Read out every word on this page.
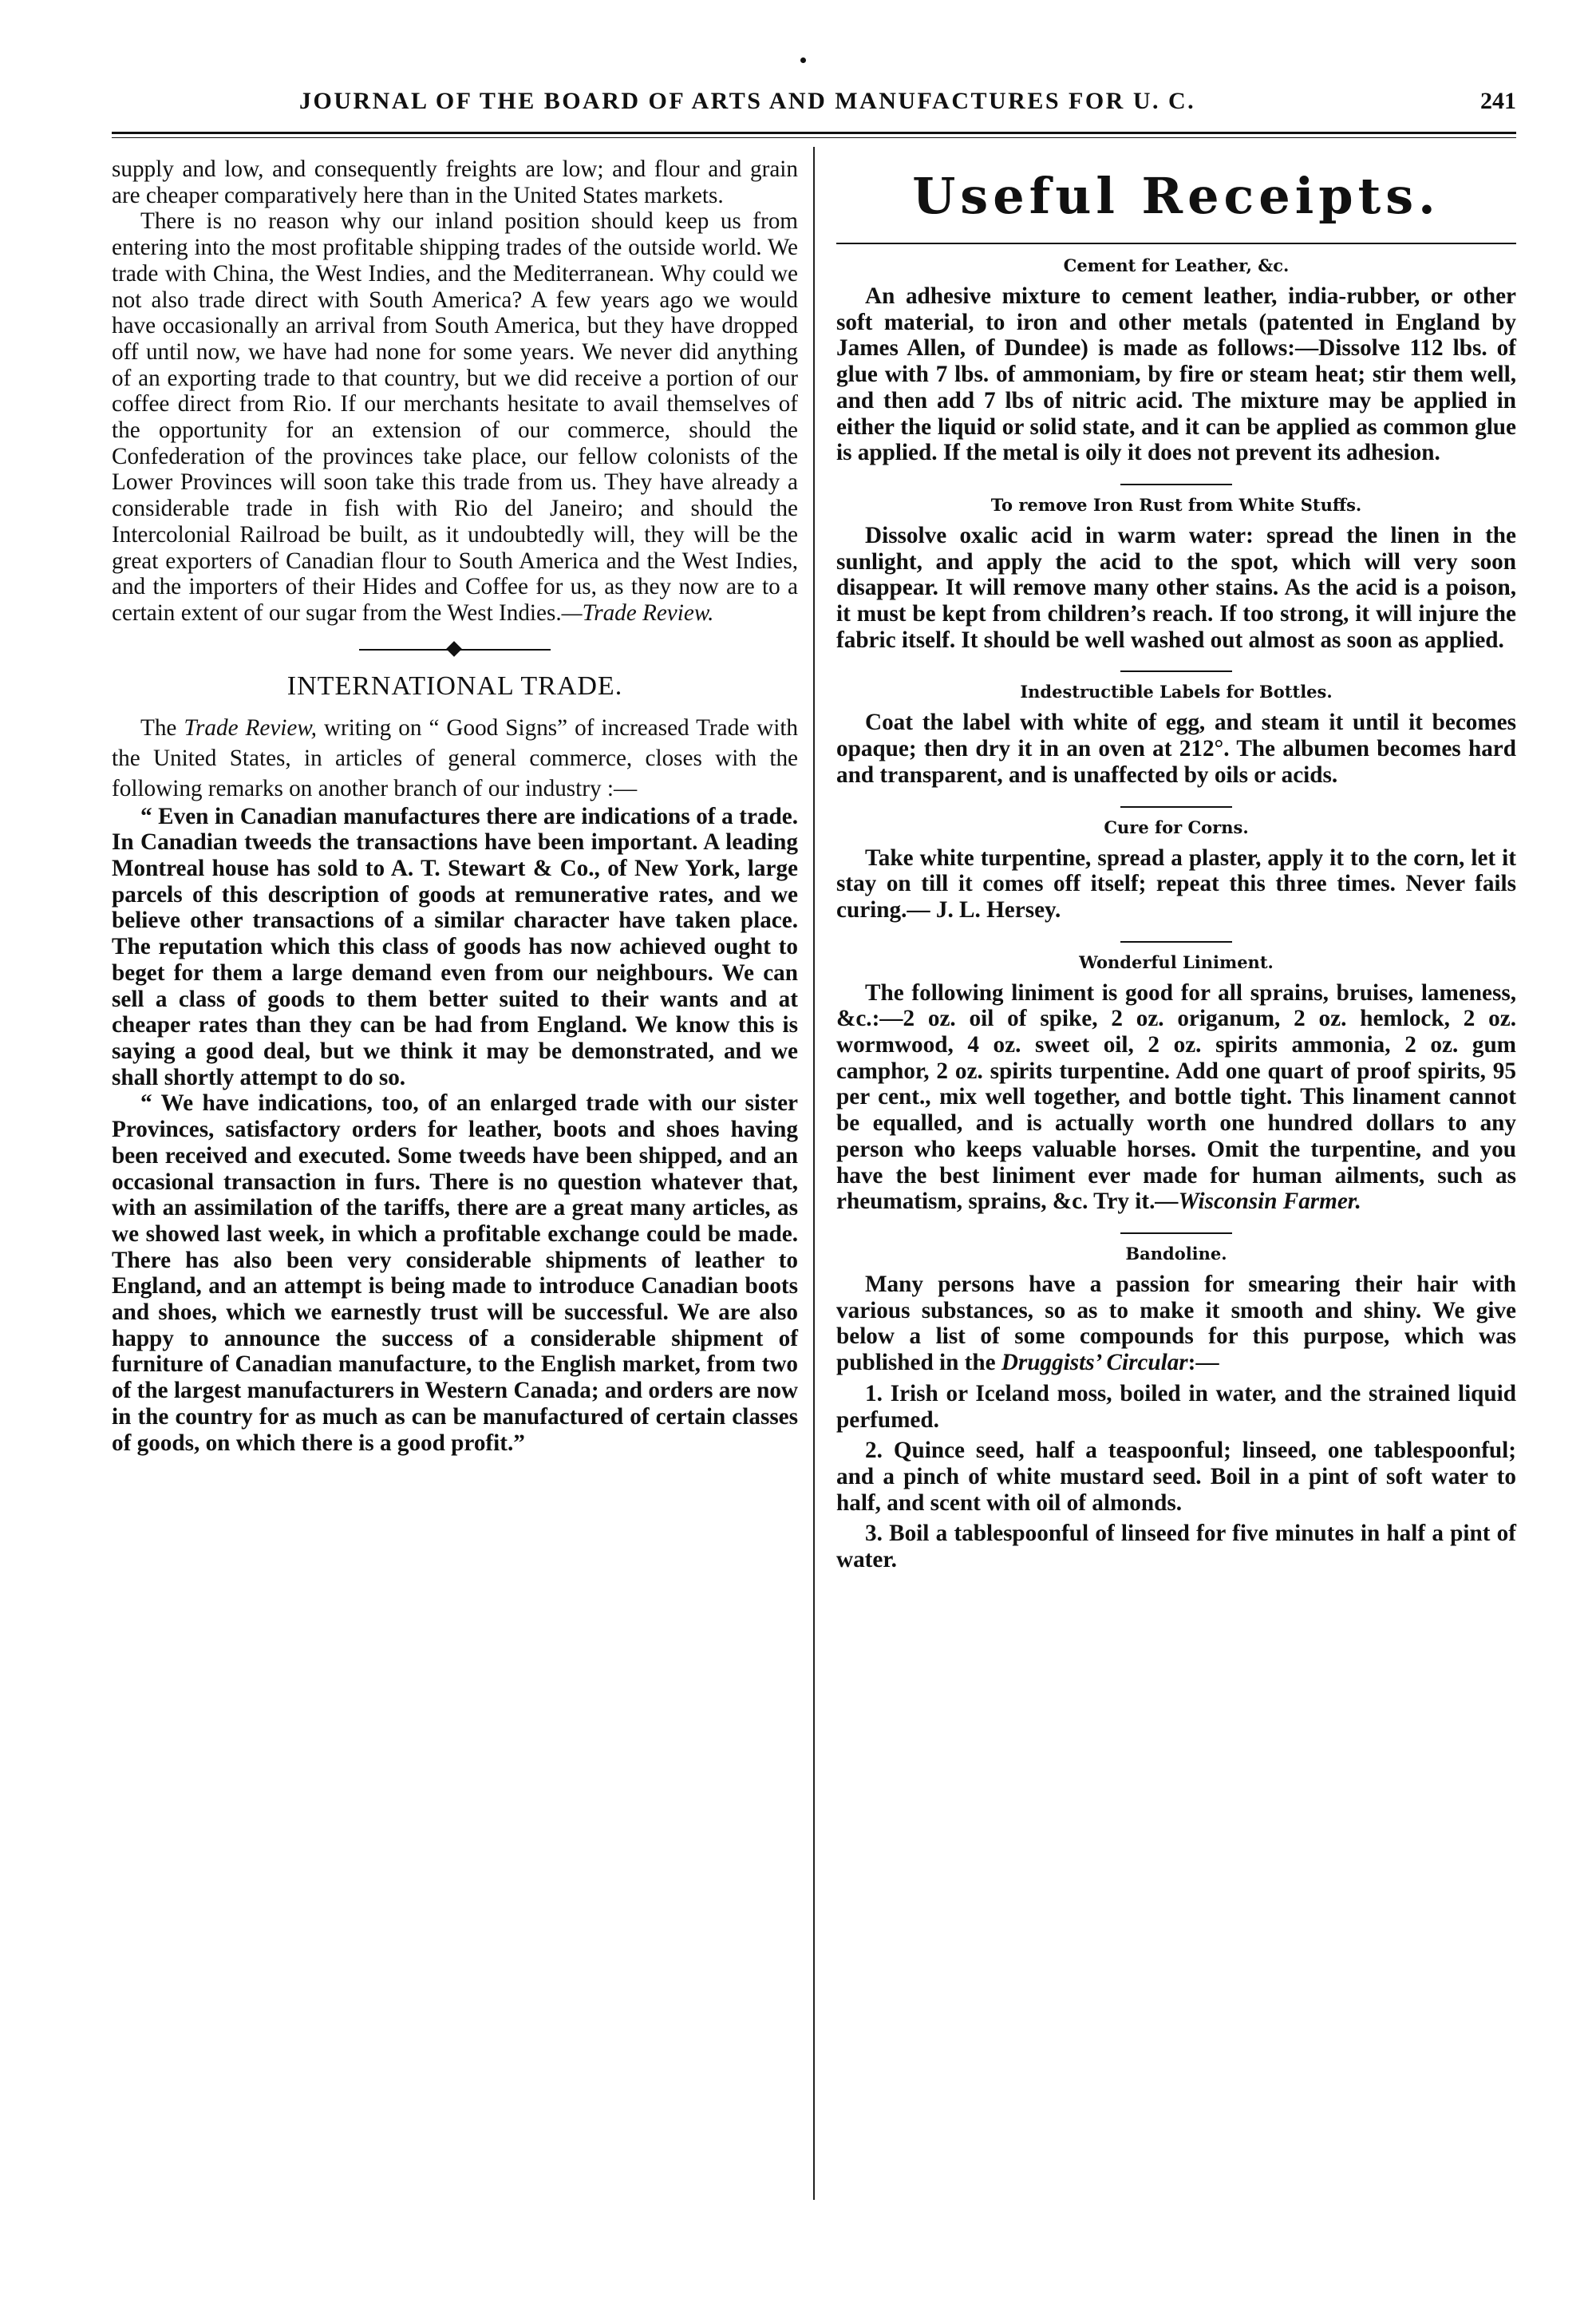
JOURNAL OF THE BOARD OF ARTS AND MANUFACTURES FOR U. C.	241

supply and low, and consequently freights are low; and flour and grain are cheaper comparatively here than in the United States markets.

There is no reason why our inland position should keep us from entering into the most profitable shipping trades of the outside world. We trade with China, the West Indies, and the Mediterranean. Why could we not also trade direct with South America? A few years ago we would have occasionally an arrival from South America, but they have dropped off until now, we have had none for some years. We never did anything of an exporting trade to that country, but we did receive a portion of our coffee direct from Rio. If our merchants hesitate to avail themselves of the opportunity for an extension of our commerce, should the Confederation of the provinces take place, our fellow colonists of the Lower Provinces will soon take this trade from us. They have already a considerable trade in fish with Rio del Janeiro; and should the Intercolonial Railroad be built, as it undoubtedly will, they will be the great exporters of Canadian flour to South America and the West Indies, and the importers of their Hides and Coffee for us, as they now are to a certain extent of our sugar from the West Indies.—Trade Review.

INTERNATIONAL TRADE.

The Trade Review, writing on “ Good Signs” of increased Trade with the United States, in articles of general commerce, closes with the following remarks on another branch of our industry :—

“ Even in Canadian manufactures there are indications of a trade. In Canadian tweeds the transactions have been important. A leading Montreal house has sold to A. T. Stewart & Co., of New York, large parcels of this description of goods at remunerative rates, and we believe other transactions of a similar character have taken place. The reputation which this class of goods has now achieved ought to beget for them a large demand even from our neighbours. We can sell a class of goods to them better suited to their wants and at cheaper rates than they can be had from England. We know this is saying a good deal, but we think it may be demonstrated, and we shall shortly attempt to do so.

“ We have indications, too, of an enlarged trade with our sister Provinces, satisfactory orders for leather, boots and shoes having been received and executed. Some tweeds have been shipped, and an occasional transaction in furs. There is no question whatever that, with an assimilation of the tariffs, there are a great many articles, as we showed last week, in which a profitable exchange could be made. There has also been very considerable shipments of leather to England, and an attempt is being made to introduce Canadian boots and shoes, which we earnestly trust will be successful. We are also happy to announce the success of a considerable shipment of furniture of Canadian manufacture, to the English market, from two of the largest manufacturers in Western Canada; and orders are now in the country for as much as can be manufactured of certain classes of goods, on which there is a good profit.”

Useful Receipts.
Cement for Leather, &c.

An adhesive mixture to cement leather, india-rubber, or other soft material, to iron and other metals (patented in England by James Allen, of Dundee) is made as follows:—Dissolve 112 lbs. of glue with 7 lbs. of ammoniam, by fire or steam heat; stir them well, and then add 7 lbs of nitric acid. The mixture may be applied in either the liquid or solid state, and it can be applied as common glue is applied. If the metal is oily it does not prevent its adhesion.

To remove Iron Rust from White Stuffs.

Dissolve oxalic acid in warm water: spread the linen in the sunlight, and apply the acid to the spot, which will very soon disappear. It will remove many other stains. As the acid is a poison, it must be kept from children’s reach. If too strong, it will injure the fabric itself. It should be well washed out almost as soon as applied.

Indestructible Labels for Bottles.

Coat the label with white of egg, and steam it until it becomes opaque; then dry it in an oven at 212°. The albumen becomes hard and transparent, and is unaffected by oils or acids.

Cure for Corns.

Take white turpentine, spread a plaster, apply it to the corn, let it stay on till it comes off itself; repeat this three times. Never fails curing.— J. L. Hersey.

Wonderful Liniment.

The following liniment is good for all sprains, bruises, lameness, &c.:—2 oz. oil of spike, 2 oz. origanum, 2 oz. hemlock, 2 oz. wormwood, 4 oz. sweet oil, 2 oz. spirits ammonia, 2 oz. gum camphor, 2 oz. spirits turpentine. Add one quart of proof spirits, 95 per cent., mix well together, and bottle tight. This linament cannot be equalled, and is actually worth one hundred dollars to any person who keeps valuable horses. Omit the turpentine, and you have the best liniment ever made for human ailments, such as rheumatism, sprains, &c. Try it.—Wisconsin Farmer.

Bandoline.

Many persons have a passion for smearing their hair with various substances, so as to make it smooth and shiny. We give below a list of some compounds for this purpose, which was published in the Druggists’ Circular:—

1. Irish or Iceland moss, boiled in water, and the strained liquid perfumed.

2. Quince seed, half a teaspoonful; linseed, one tablespoonful; and a pinch of white mustard seed. Boil in a pint of soft water to half, and scent with oil of almonds.

3. Boil a tablespoonful of linseed for five minutes in half a pint of water.
